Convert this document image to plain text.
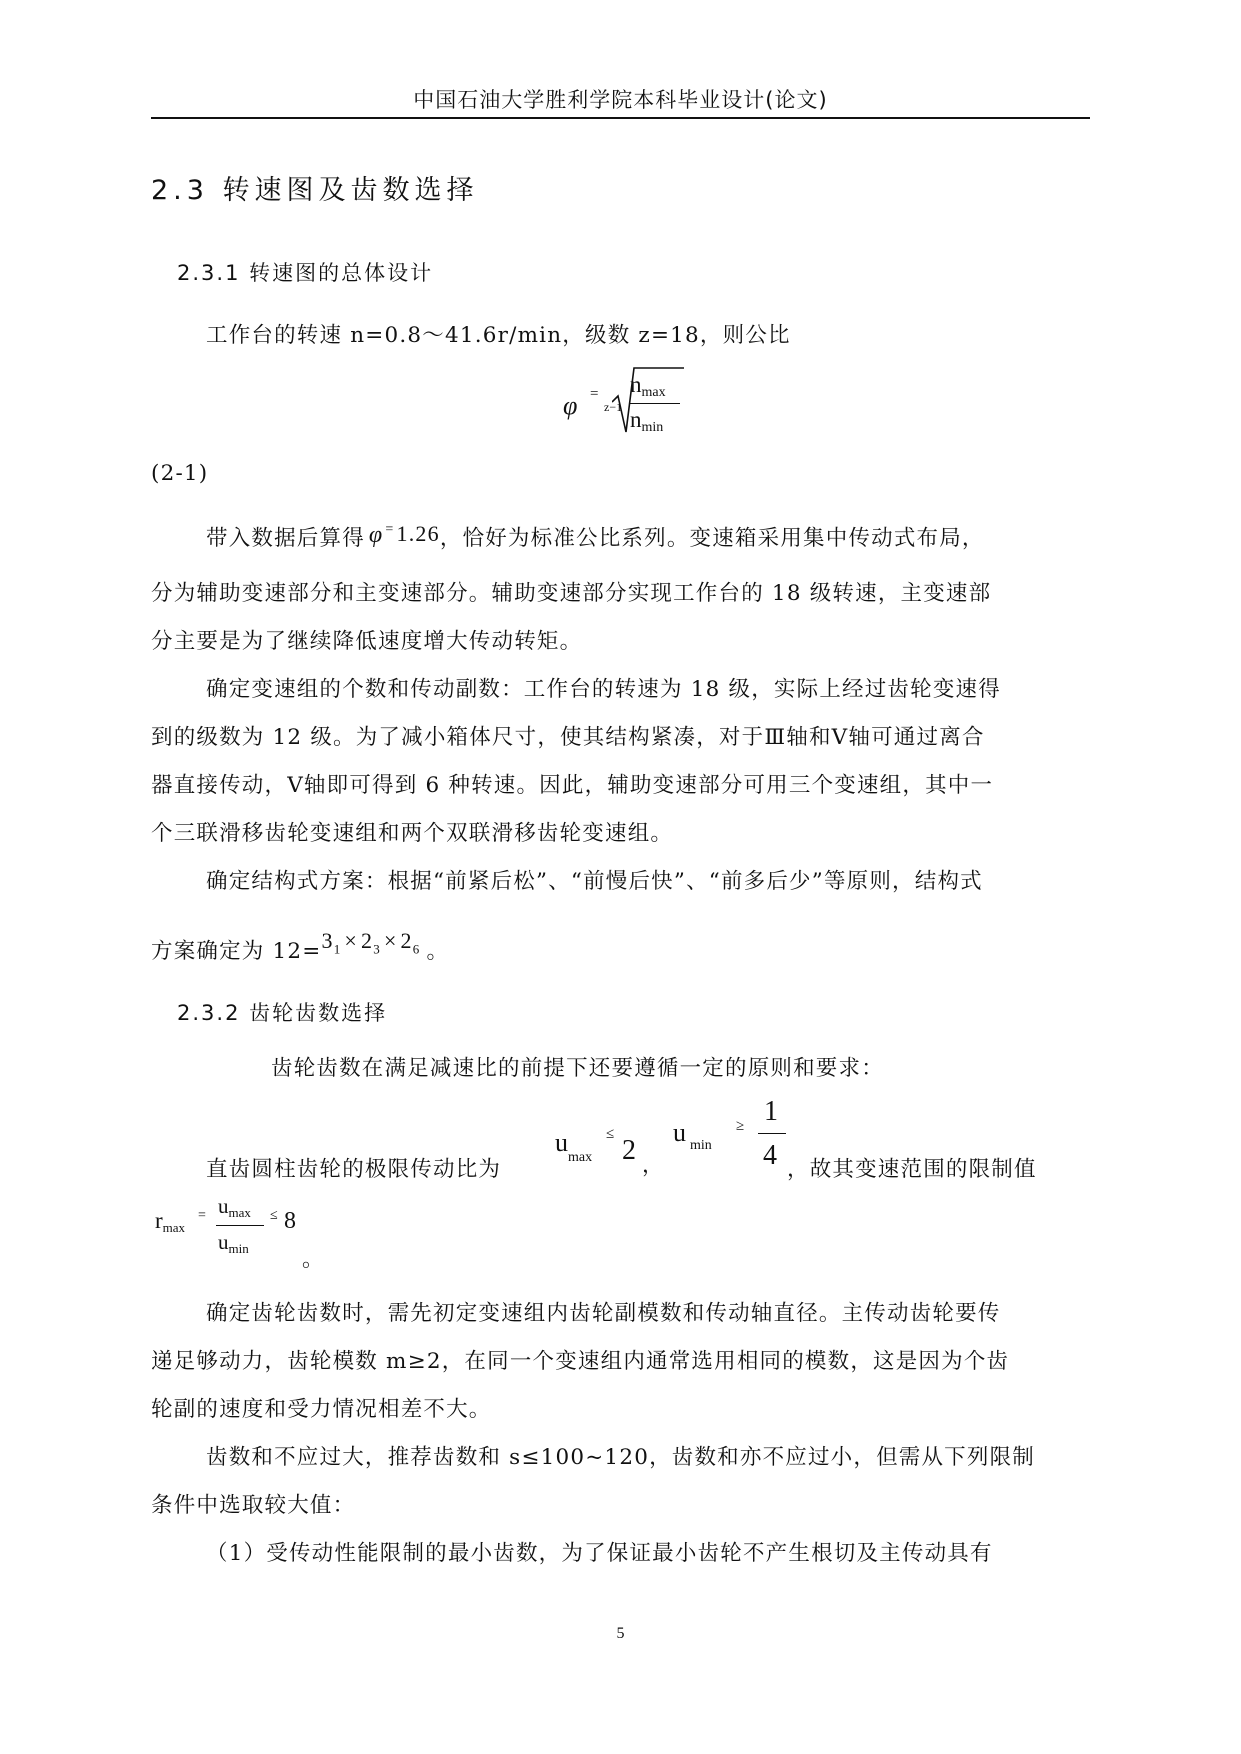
中国石油大学胜利学院本科毕业设计(论文)
2.3 转速图及齿数选择
2.3.1 转速图的总体设计
工作台的转速 n=0.8～41.6r/min，级数 z=18，则公比
φ =
z−1
nmax
nmin
(2-1)
带入数据后算得 φ =1.26，恰好为标准公比系列。变速箱采用集中传动式布局，
分为辅助变速部分和主变速部分。辅助变速部分实现工作台的 18 级转速，主变速部
分主要是为了继续降低速度增大传动转矩。
确定变速组的个数和传动副数：工作台的转速为 18 级，实际上经过齿轮变速得
到的级数为 12 级。为了减小箱体尺寸，使其结构紧凑，对于Ⅲ轴和Ⅴ轴可通过离合
器直接传动，Ⅴ轴即可得到 6 种转速。因此，辅助变速部分可用三个变速组，其中一
个三联滑移齿轮变速组和两个双联滑移齿轮变速组。
确定结构式方案：根据“前紧后松”、“前慢后快”、“前多后少”等原则，结构式
方案确定为 $12=3_1 \times 2_3 \times 2_6$ 。
2.3.2 齿轮齿数选择
齿轮齿数在满足减速比的前提下还要遵循一定的原则和要求：
直齿圆柱齿轮的极限传动比为
$u_{max}$
≤
2 ，
u $_{min}$
≥ 1
4 ，故其变速范围的限制值
rmax
= umax
umin
≤ 8
。
确定齿轮齿数时，需先初定变速组内齿轮副模数和传动轴直径。主传动齿轮要传
递足够动力，齿轮模数 m≥2，在同一个变速组内通常选用相同的模数，这是因为个齿
轮副的速度和受力情况相差不大。
齿数和不应过大，推荐齿数和 s≤100~120，齿数和亦不应过小，但需从下列限制
条件中选取较大值：
（1）受传动性能限制的最小齿数，为了保证最小齿轮不产生根切及主传动具有
5
